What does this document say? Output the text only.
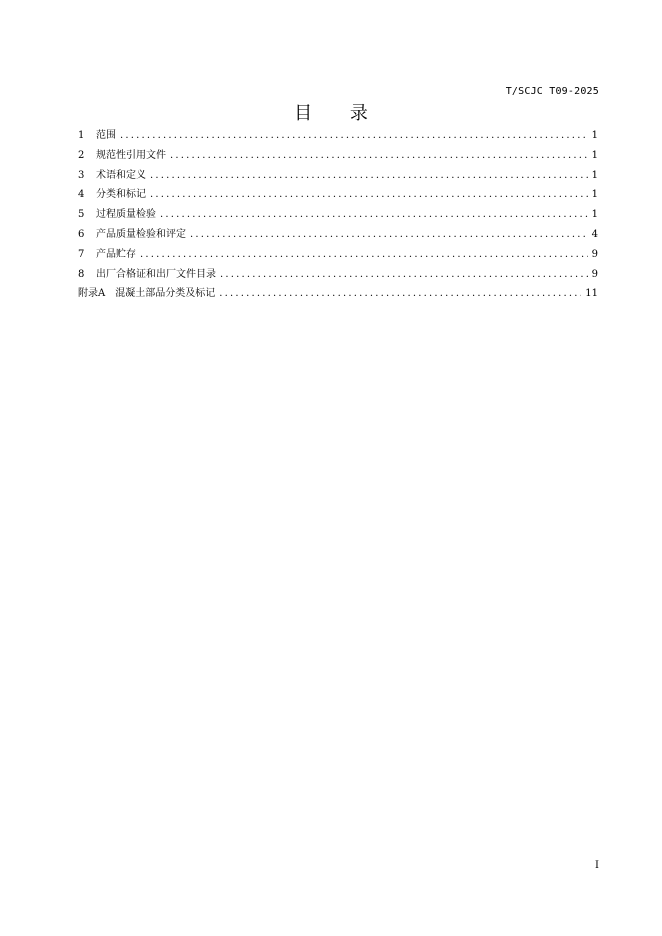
T/SCJC T09-2025
目 录
1	范围 .....	1
2	规范性引用文件 .....	1
3	术语和定义 .....	1
4	分类和标记 .....	1
5	过程质量检验 .....	1
6	产品质量检验和评定 .....	4
7	产品贮存 .....	9
8	出厂合格证和出厂文件目录 .....	9
附录A 混凝土部品分类及标记 .....	11
I
